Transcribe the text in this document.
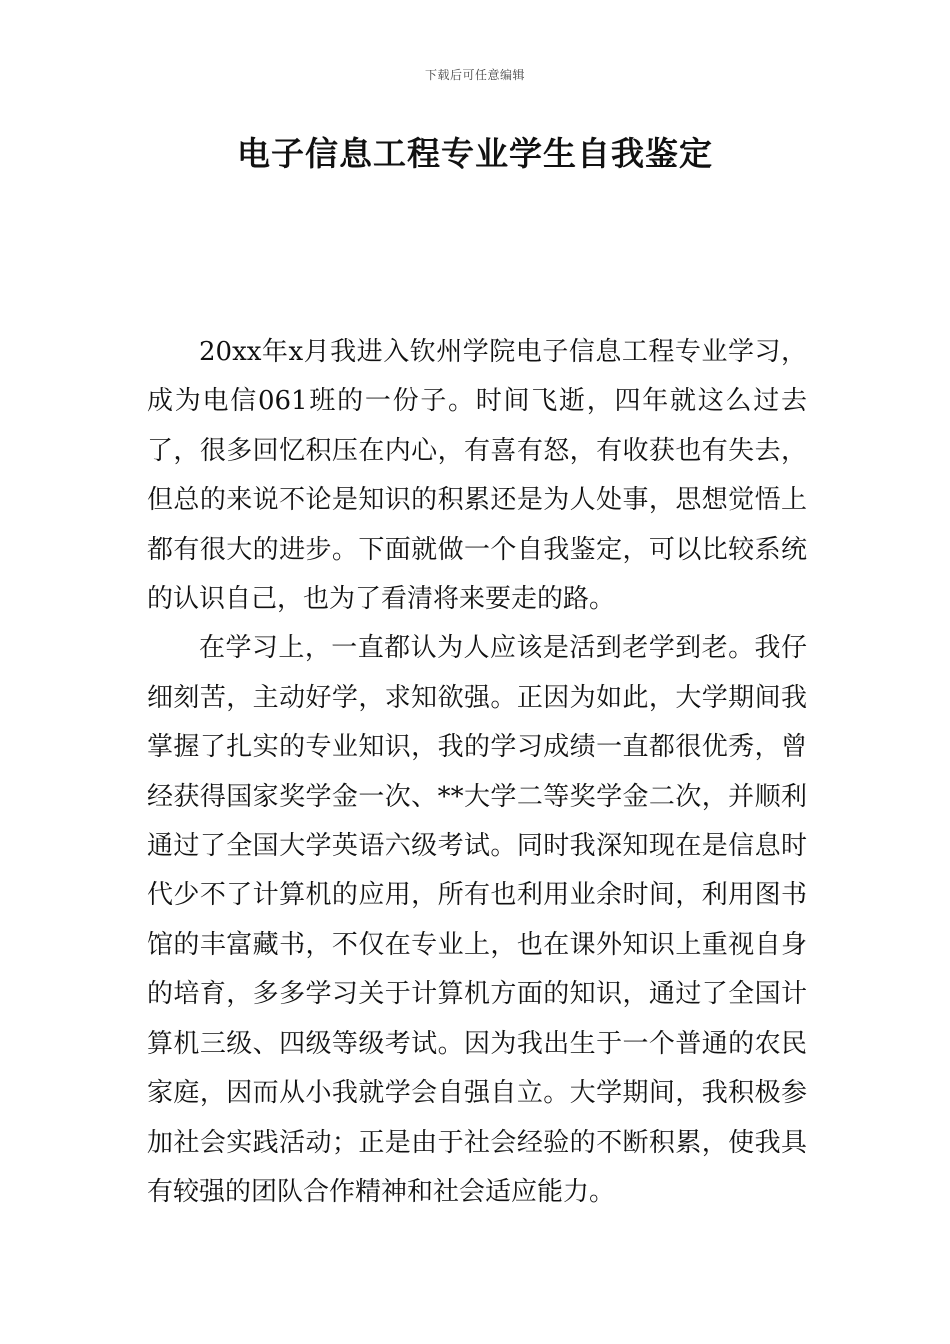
下载后可任意编辑
电子信息工程专业学生自我鉴定

20xx年x月我进入钦州学院电子信息工程专业学习，成为电信061班的一份子。时间飞逝，四年就这么过去了，很多回忆积压在内心，有喜有怒，有收获也有失去，但总的来说不论是知识的积累还是为人处事，思想觉悟上都有很大的进步。下面就做一个自我鉴定，可以比较系统的认识自己，也为了看清将来要走的路。

在学习上，一直都认为人应该是活到老学到老。我仔细刻苦，主动好学，求知欲强。正因为如此，大学期间我掌握了扎实的专业知识，我的学习成绩一直都很优秀，曾经获得国家奖学金一次、**大学二等奖学金二次，并顺利通过了全国大学英语六级考试。同时我深知现在是信息时代少不了计算机的应用，所有也利用业余时间，利用图书馆的丰富藏书，不仅在专业上，也在课外知识上重视自身的培育，多多学习关于计算机方面的知识，通过了全国计算机三级、四级等级考试。因为我出生于一个普通的农民家庭，因而从小我就学会自强自立。大学期间，我积极参加社会实践活动；正是由于社会经验的不断积累，使我具有较强的团队合作精神和社会适应能力。
